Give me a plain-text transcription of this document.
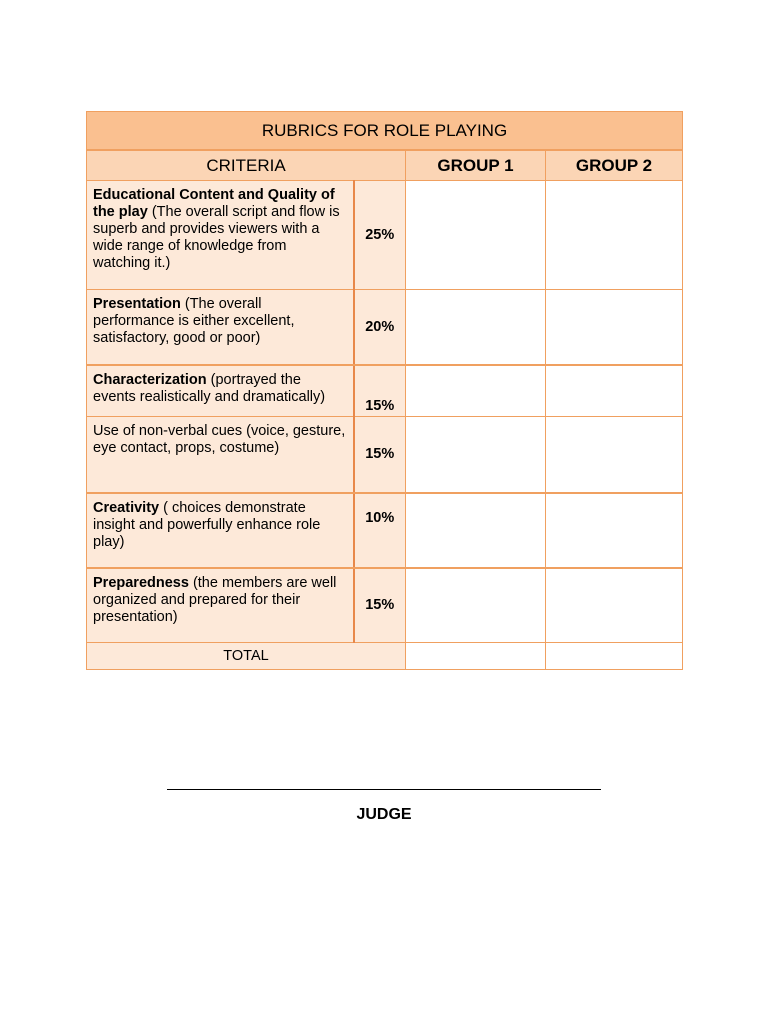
RUBRICS FOR ROLE PLAYING			
CRITERIA		GROUP 1	GROUP 2
Educational Content and Quality of the play (The overall script and flow is superb and provides viewers with a wide range of knowledge from watching it.)	25%		
Presentation (The overall performance is either excellent, satisfactory, good or poor)	20%		
Characterization (portrayed the events realistically and dramatically)	15%		
Use of non-verbal cues (voice, gesture, eye contact, props, costume)	15%		
Creativity ( choices demonstrate insight and powerfully enhance role play)	10%		
Preparedness (the members are well organized and prepared for their presentation)	15%		
TOTAL			
JUDGE
